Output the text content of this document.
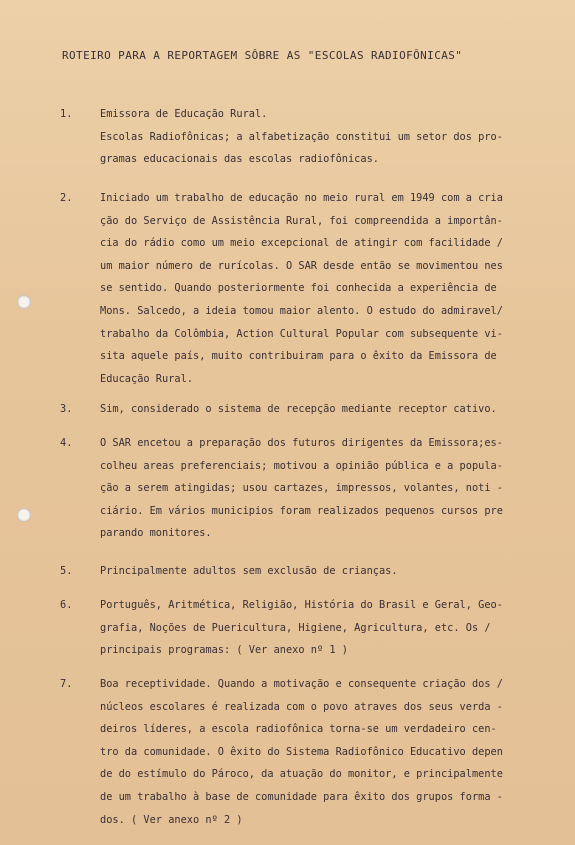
ROTEIRO PARA A REPORTAGEM SÔBRE AS "ESCOLAS RADIOFÔNICAS"
1.	Emissora de Educação Rural.
Escolas Radiofônicas; a alfabetização constitui um setor dos pro-
gramas educacionais das escolas radiofônicas.
2.	Iniciado um trabalho de educação no meio rural em 1949 com a cria
ção do Serviço de Assistência Rural, foi compreendida a importân-
cia do rádio como um meio excepcional de atingir com facilidade /
um maior número de rurícolas. O SAR desde então se movimentou nes
se sentido. Quando posteriormente foi conhecida a experiência de
Mons. Salcedo, a ideia tomou maior alento. O estudo do admiravel/
trabalho da Colômbia, Action Cultural Popular com subsequente vi-
sita aquele país, muito contribuiram para o êxito da Emissora de
Educação Rural.
3.	Sim, considerado o sistema de recepção mediante receptor cativo.
4.	O SAR encetou a preparação dos futuros dirigentes da Emissora;es-
colheu areas preferenciais; motivou a opinião pública e a popula-
ção a serem atingidas; usou cartazes, impressos, volantes, noti -
ciário. Em vários municipios foram realizados pequenos cursos pre
parando monitores.
5.	Principalmente adultos sem exclusão de crianças.
6.	Português, Aritmética, Religião, História do Brasil e Geral, Geo-
grafia, Noções de Puericultura, Higiene, Agricultura, etc. Os /
principais programas: ( Ver anexo nº 1 )
7.	Boa receptividade. Quando a motivação e consequente criação dos /
núcleos escolares é realizada com o povo atraves dos seus verda -
deiros líderes, a escola radiofônica torna-se um verdadeiro cen-
tro da comunidade. O êxito do Sistema Radiofônico Educativo depen
de do estímulo do Pároco, da atuação do monitor, e principalmente
de um trabalho à base de comunidade para êxito dos grupos forma -
dos. ( Ver anexo nº 2 )
